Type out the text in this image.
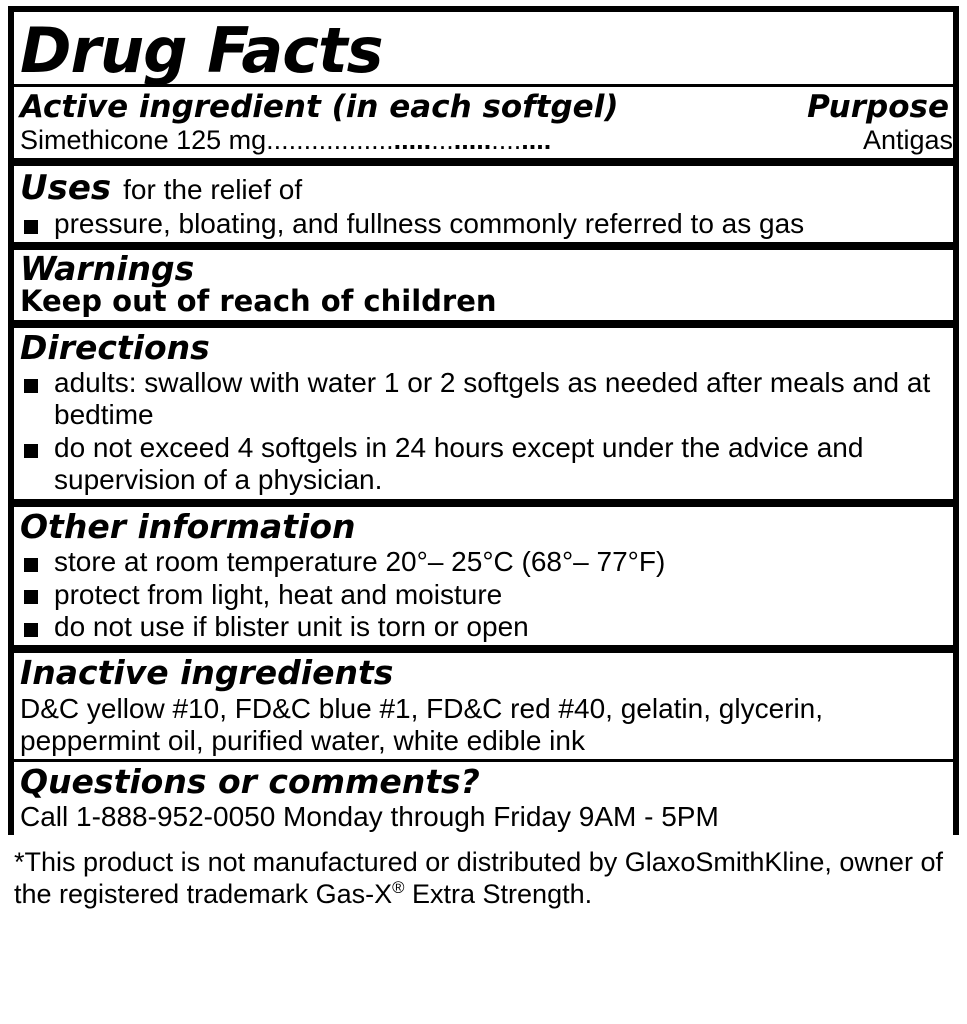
Drug Facts
Active ingredient (in each softgel)	Purpose
Simethicone 125 mg ......................................	Antigas
Uses for the relief of
pressure, bloating, and fullness commonly referred to as gas
Warnings
Keep out of reach of children
Directions
adults: swallow with water 1 or 2 softgels as needed after meals and at bedtime
do not exceed 4 softgels in 24 hours except under the advice and supervision of a physician.
Other information
store at room temperature 20°– 25°C (68°– 77°F)
protect from light, heat and moisture
do not use if blister unit is torn or open
Inactive ingredients
D&C yellow #10, FD&C blue #1, FD&C red #40, gelatin, glycerin, peppermint oil, purified water, white edible ink
Questions or comments?
Call 1-888-952-0050 Monday through Friday 9AM - 5PM
*This product is not manufactured or distributed by GlaxoSmithKline, owner of the registered trademark Gas-X® Extra Strength.
